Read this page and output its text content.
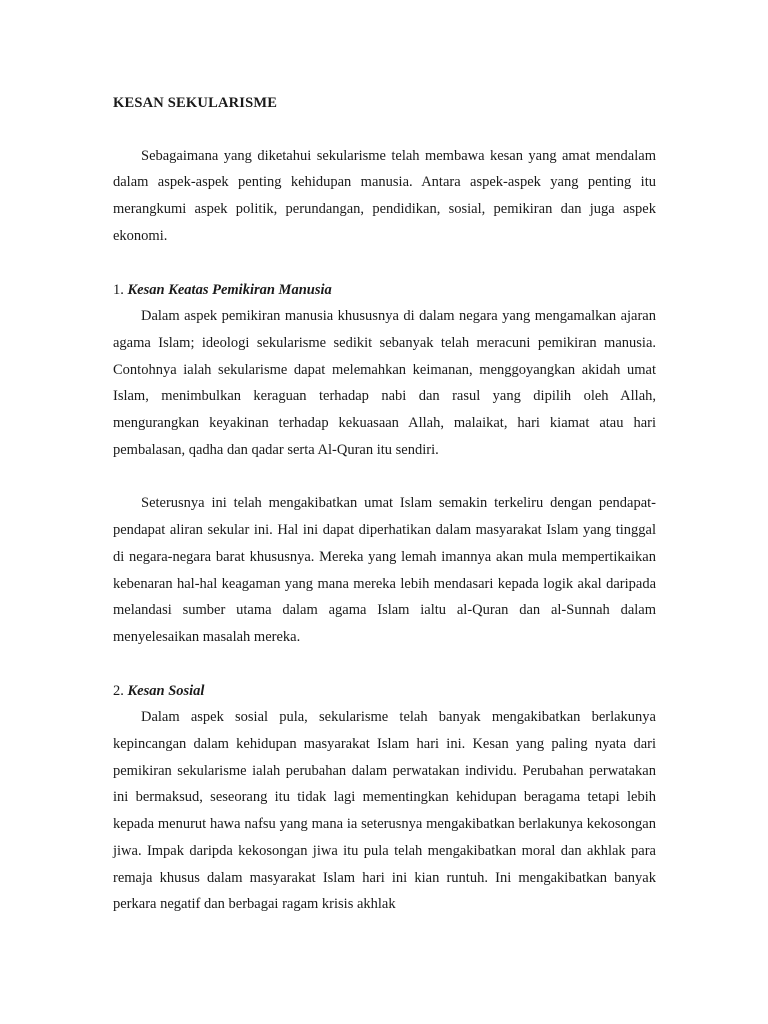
KESAN SEKULARISME

Sebagaimana yang diketahui sekularisme telah membawa kesan yang amat mendalam dalam aspek-aspek penting kehidupan manusia. Antara aspek-aspek yang penting itu merangkumi aspek politik, perundangan, pendidikan, sosial, pemikiran dan juga aspek ekonomi.

1. Kesan Keatas Pemikiran Manusia

Dalam aspek pemikiran manusia khususnya di dalam negara yang mengamalkan ajaran agama Islam; ideologi sekularisme sedikit sebanyak telah meracuni pemikiran manusia. Contohnya ialah sekularisme dapat melemahkan keimanan, menggoyangkan akidah umat Islam, menimbulkan keraguan terhadap nabi dan rasul yang dipilih oleh Allah, mengurangkan keyakinan terhadap kekuasaan Allah, malaikat, hari kiamat atau hari pembalasan, qadha dan qadar serta Al-Quran itu sendiri.

Seterusnya ini telah mengakibatkan umat Islam semakin terkeliru dengan pendapat-pendapat aliran sekular ini. Hal ini dapat diperhatikan dalam masyarakat Islam yang tinggal di negara-negara barat khususnya. Mereka yang lemah imannya akan mula mempertikaikan kebenaran hal-hal keagaman yang mana mereka lebih mendasari kepada logik akal daripada melandasi sumber utama dalam agama Islam ialtu al-Quran dan al-Sunnah dalam menyelesaikan masalah mereka.

2. Kesan Sosial

Dalam aspek sosial pula, sekularisme telah banyak mengakibatkan berlakunya kepincangan dalam kehidupan masyarakat Islam hari ini. Kesan yang paling nyata dari pemikiran sekularisme ialah perubahan dalam perwatakan individu. Perubahan perwatakan ini bermaksud, seseorang itu tidak lagi mementingkan kehidupan beragama tetapi lebih kepada menurut hawa nafsu yang mana ia seterusnya mengakibatkan berlakunya kekosongan jiwa. Impak daripda kekosongan jiwa itu pula telah mengakibatkan moral dan akhlak para remaja khusus dalam masyarakat Islam hari ini kian runtuh. Ini mengakibatkan banyak perkara negatif dan berbagai ragam krisis akhlak
